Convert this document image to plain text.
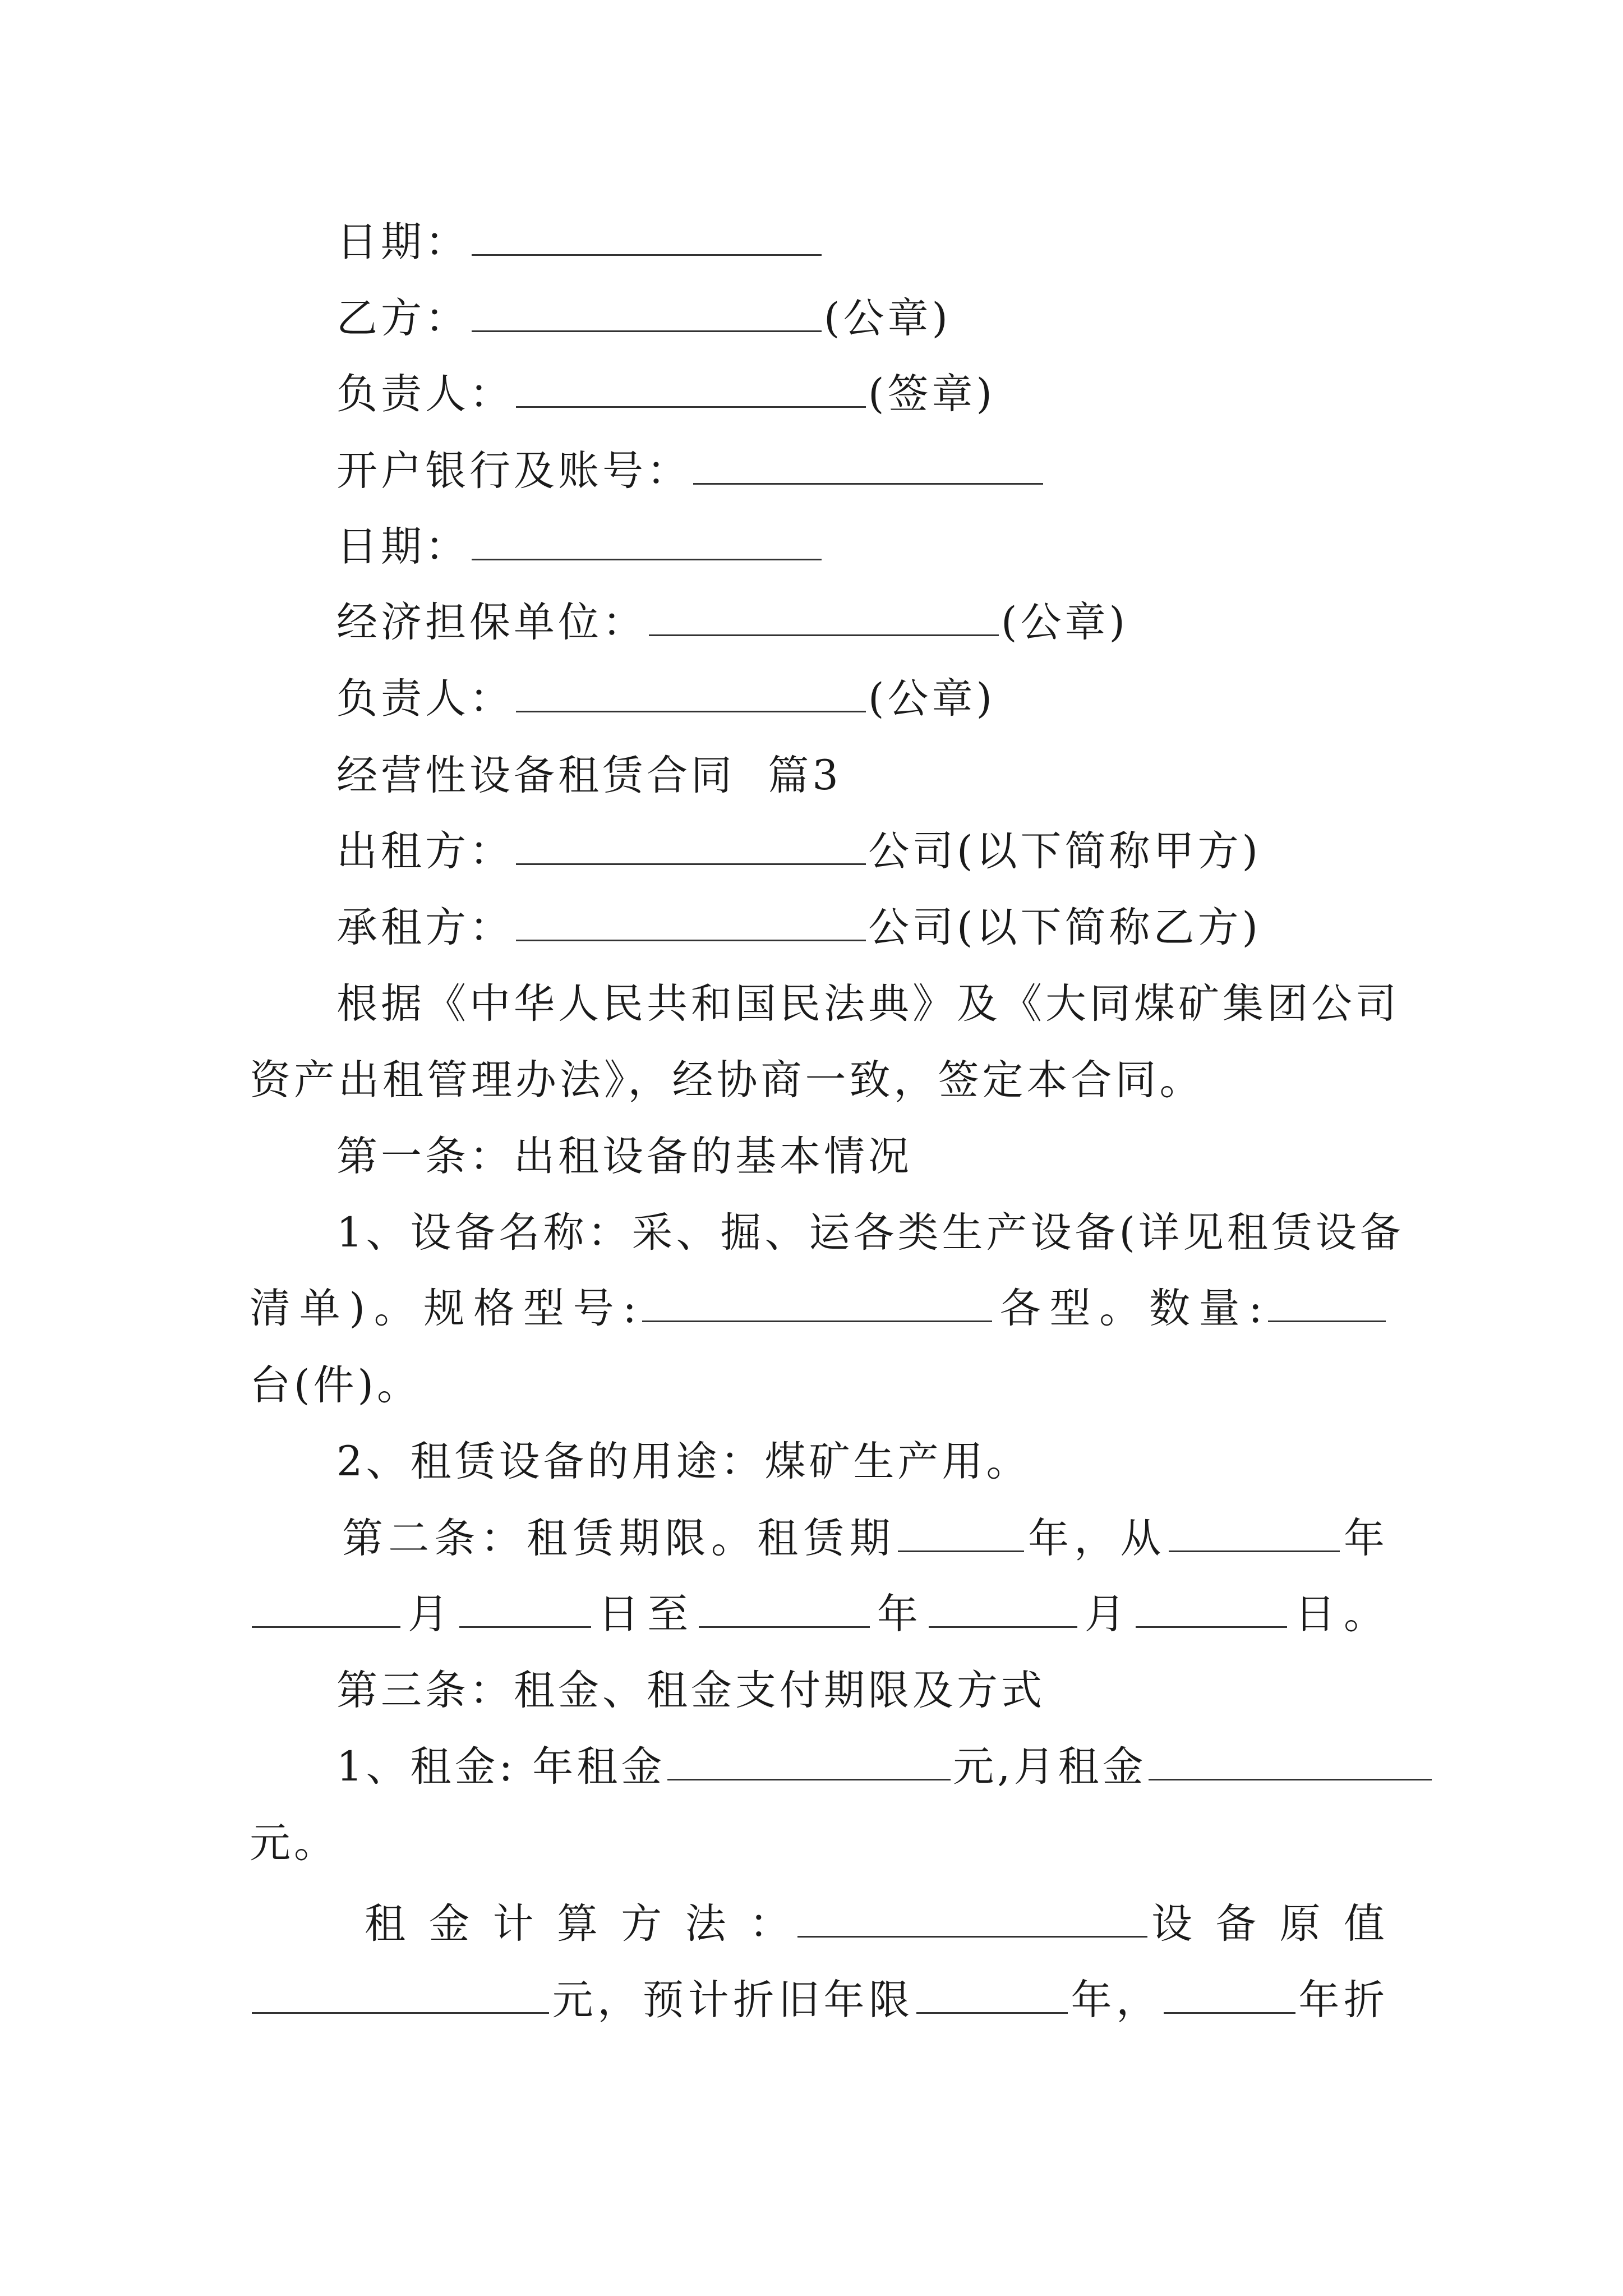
日期：
乙方：	(公章)
负责人：	(签章)
开户银行及账号：
日期：
经济担保单位：	(公章)
负责人：	(公章)
经营性设备租赁合同  篇3
出租方：	公司(以下简称甲方)
承租方：	公司(以下简称乙方)
根据《中华人民共和国民法典》及《大同煤矿集团公司
资产出租管理办法》，经协商一致，签定本合同。
第一条：出租设备的基本情况
1、设备名称：采、掘、运各类生产设备(详见租赁设备
清单)。规格型号:	各型。数量:
台(件)。
2、租赁设备的用途：煤矿生产用。
第二条：租赁期限。租赁期	年，从	年
月	日至	年	月	日。
第三条：租金、租金支付期限及方式
1、租金: 年租金	元,月租金
元。
租 金 计 算 方 法 ：	设 备 原 值
元，预计折旧年限	年，	年折
